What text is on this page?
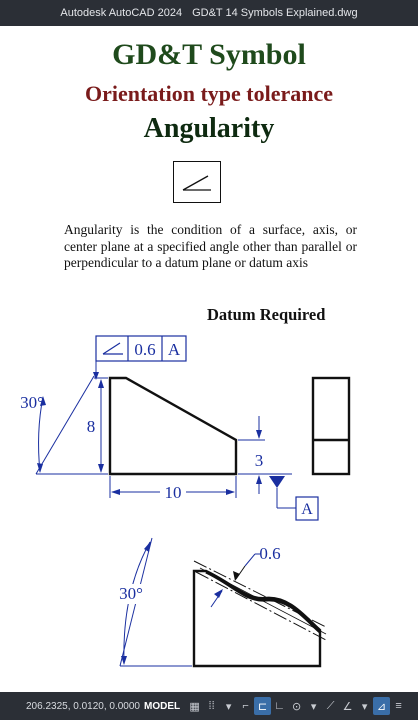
Autodesk AutoCAD 2024 GD&T 14 Symbols Explained.dwg
GD&T Symbol
Orientation type tolerance
Angularity
Angularity is the condition of a surface, axis, or center plane at a specified angle other than parallel or perpendicular to a datum plane or datum axis
Datum Required
0.6 A
30°
8
3
10
A
0.6
30°
206.2325, 0.0120, 0.0000 MODEL ▦ ⁞⁞	▾	⌐ ⊏ ∟ ⊙ ▾ ⟋ ∠ ▾ ⊿ ≡
